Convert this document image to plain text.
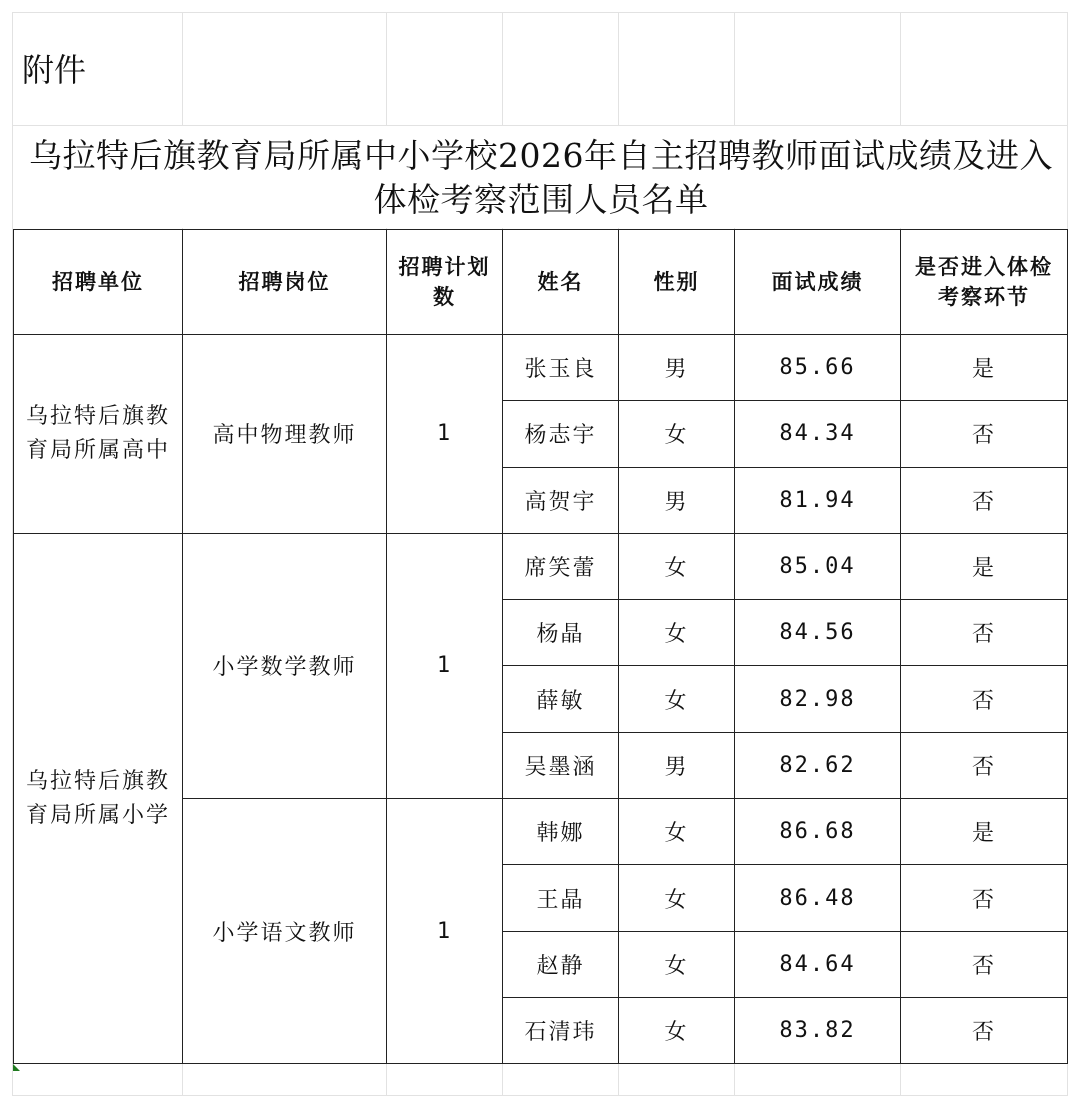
附件
乌拉特后旗教育局所属中小学校2026年自主招聘教师面试成绩及进入体检考察范围人员名单
招聘单位	招聘岗位	招聘计划数	姓名	性别	面试成绩	是否进入体检考察环节
乌拉特后旗教育局所属高中	高中物理教师	1	张玉良	男	85.66	是
			杨志宇	女	84.34	否
			高贺宇	男	81.94	否
乌拉特后旗教育局所属小学	小学数学教师	1	席笑蕾	女	85.04	是
			杨晶	女	84.56	否
			薛敏	女	82.98	否
			吴墨涵	男	82.62	否
	小学语文教师	1	韩娜	女	86.68	是
			王晶	女	86.48	否
			赵静	女	84.64	否
			石清玮	女	83.82	否
